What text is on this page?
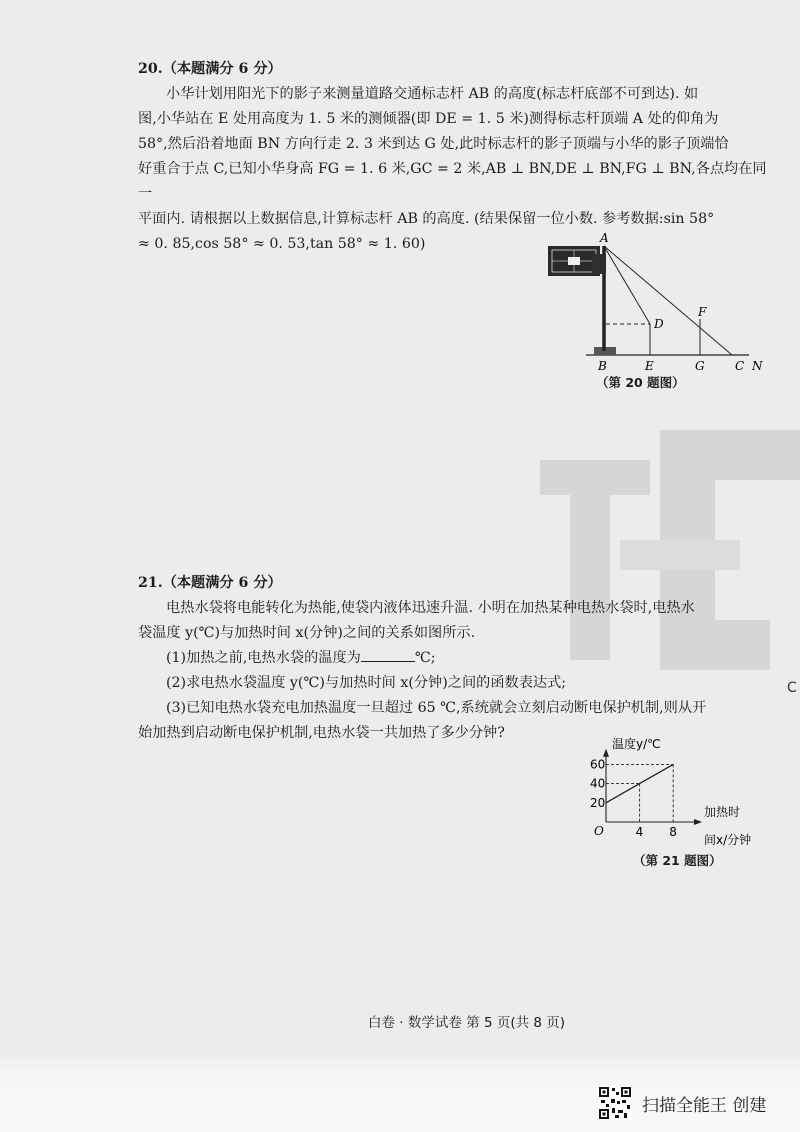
C

20.（本题满分 6 分）

小华计划用阳光下的影子来测量道路交通标志杆 AB 的高度(标志杆底部不可到达). 如

图,小华站在 E 处用高度为 1. 5 米的测倾器(即 DE = 1. 5 米)测得标志杆顶端 A 处的仰角为

58°,然后沿着地面 BN 方向行走 2. 3 米到达 G 处,此时标志杆的影子顶端与小华的影子顶端恰

好重合于点 C,已知小华身高 FG = 1. 6 米,GC = 2 米,AB ⊥ BN,DE ⊥ BN,FG ⊥ BN,各点均在同一

平面内. 请根据以上数据信息,计算标志杆 AB 的高度. (结果保留一位小数. 参考数据:sin 58°

≈ 0. 85,cos 58° ≈ 0. 53,tan 58° ≈ 1. 60)	A
B
D
E
F
G	C N
（第 20 题图）

21.（本题满分 6 分）

电热水袋将电能转化为热能,使袋内液体迅速升温. 小明在加热某种电热水袋时,电热水

袋温度 y(℃)与加热时间 x(分钟)之间的关系如图所示.

(1)加热之前,电热水袋的温度为	℃;

(2)求电热水袋温度 y(℃)与加热时间 x(分钟)之间的函数表达式;

(3)已知电热水袋充电加热温度一旦超过 65 ℃,系统就会立刻启动断电保护机制,则从开

始加热到启动断电保护机制,电热水袋一共加热了多少分钟?

20
40
60
4 8
温度y/℃
加热时
间x/分钟
O
（第 21 题图）
白卷 · 数学试卷 第 5 页(共 8 页)
扫描全能王 创建
